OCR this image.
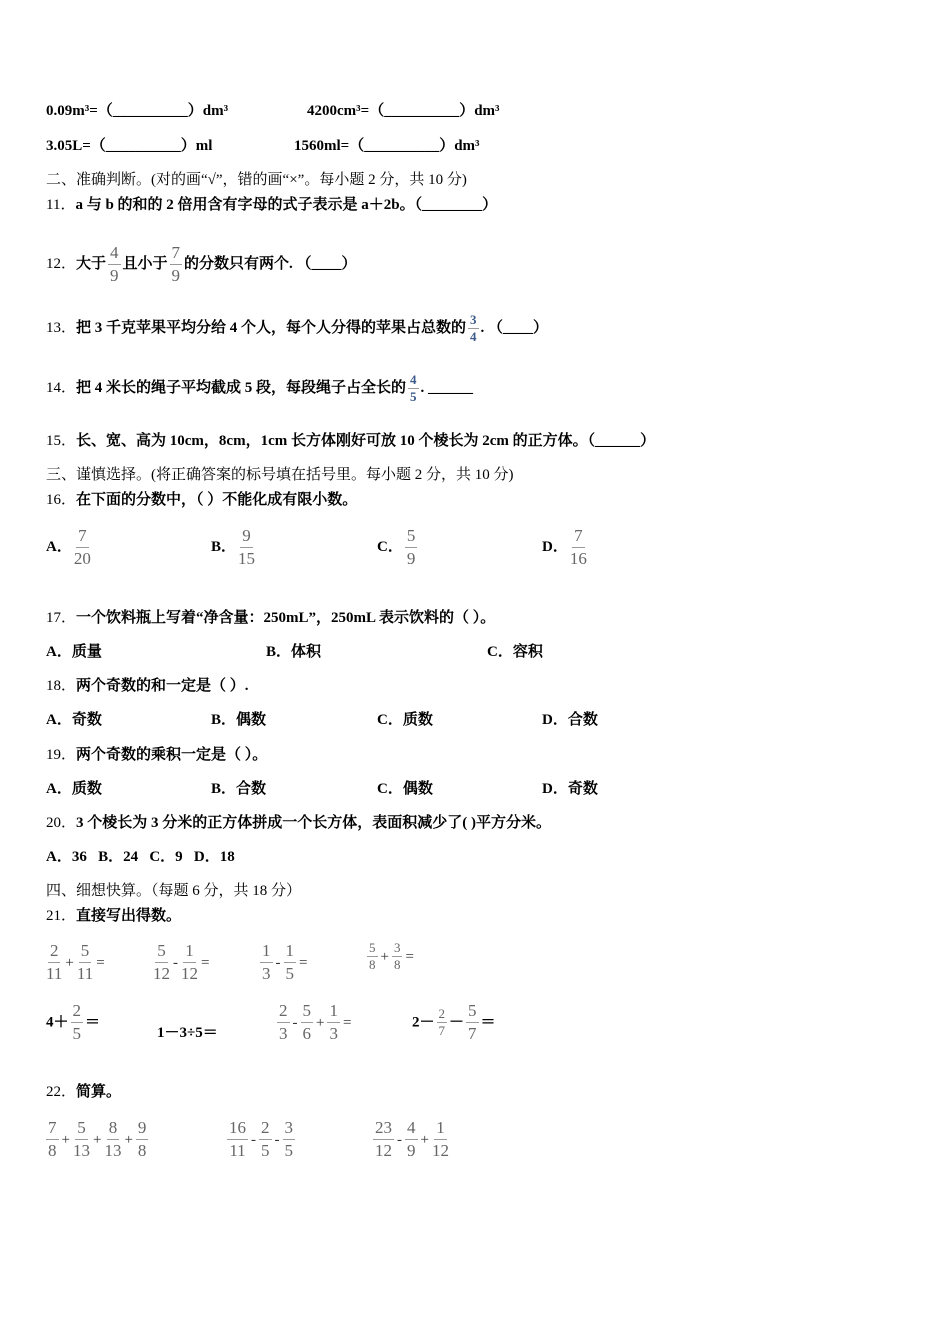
0.09m³=（__________）dm³	4200cm³=（__________）dm³
3.05L=（__________）ml	1560ml=（__________）dm³
二、准确判断。(对的画“√”，错的画“×”。每小题 2 分，共 10 分)
11．a 与 b 的和的 2 倍用含有字母的式子表示是 a＋2b。（________）
12．大于 $\frac{4}{9}$ 且小于 $\frac{7}{9}$ 的分数只有两个. （____）
13．把 3 千克苹果平均分给 4 个人，每个人分得的苹果占总数的 $\frac{3}{4}$ . （____）
14．把 4 米长的绳子平均截成 5 段，每段绳子占全长的 $\frac{4}{5}$ . ______
15．长、宽、高为 10cm，8cm，1cm 长方体刚好可放 10 个棱长为 2cm 的正方体。（______）
三、谨慎选择。(将正确答案的标号填在括号里。每小题 2 分，共 10 分)
16．在下面的分数中，（ ）不能化成有限小数。
A． $\frac{7}{20}$	B． $\frac{9}{15}$	C． $\frac{5}{9}$	D． $\frac{7}{16}$
17．一个饮料瓶上写着“净含量：250mL”，250mL 表示饮料的（ ）。
A．质量	B．体积	C．容积
18．两个奇数的和一定是（ ）.
A．奇数	B．偶数	C．质数	D．合数
19．两个奇数的乘积一定是（ ）。
A．质数	B．合数	C．偶数	D．奇数
20．3 个棱长为 3 分米的正方体拼成一个长方体，表面积减少了( )平方分米。
A．36   B．24   C．9   D．18
四、细想快算。（每题 6 分，共 18 分）
21．直接写出得数。
$\frac{2}{11} + \frac{5}{11}$ =	$\frac{5}{12} - \frac{1}{12}$ =	$\frac{1}{3} - \frac{1}{5}$ =	$\frac{5}{8} + \frac{3}{8}$ =
$4+ \frac{2}{5}$ ＝
1－3÷5＝	$\frac{2}{3} - \frac{5}{6} + \frac{1}{3}$ =	$2- \frac{2}{7} - \frac{5}{7}$ ＝
22．简算。
$\frac{7}{8} + \frac{5}{13} + \frac{8}{13} + \frac{9}{8}$	$\frac{16}{11} - \frac{2}{5} - \frac{3}{5}$	$\frac{23}{12} - \frac{4}{9} + \frac{1}{12}$
